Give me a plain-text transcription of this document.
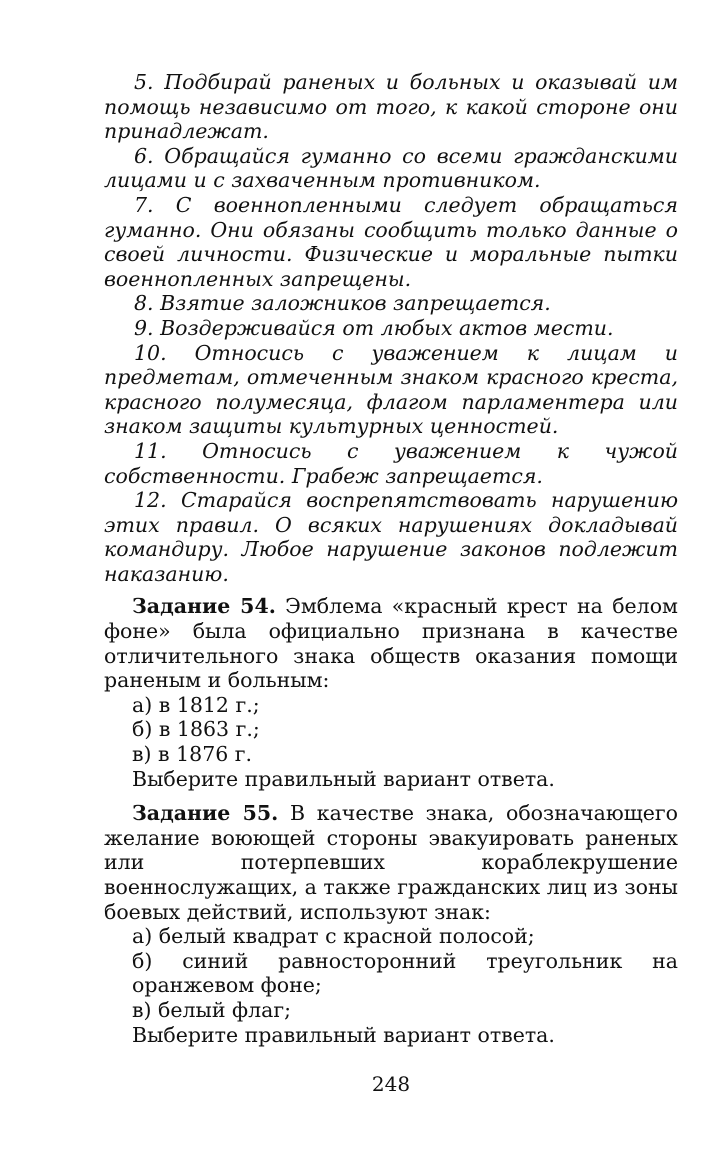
5. Подбирай раненых и больных и оказывай им помощь независимо от того, к какой стороне они принадлежат.

6. Обращайся гуманно со всеми гражданскими лицами и с захваченным противником.

7. С военнопленными следует обращаться гуманно. Они обязаны сообщить только данные о своей личности. Физические и моральные пытки военнопленных запрещены.

8. Взятие заложников запрещается.

9. Воздерживайся от любых актов мести.

10. Относись с уважением к лицам и предметам, отмеченным знаком красного креста, красного полумесяца, флагом парламентера или знаком защиты культурных ценностей.

11. Относись с уважением к чужой собственности. Грабеж запрещается.

12. Старайся воспрепятствовать нарушению этих правил. О всяких нарушениях докладывай командиру. Любое нарушение законов подлежит наказанию.

Задание 54. Эмблема «красный крест на белом фоне» была официально признана в качестве отличительного знака обществ оказания помощи раненым и больным:

а) в 1812 г.;

б) в 1863 г.;

в) в 1876 г.

Выберите правильный вариант ответа.

Задание 55. В качестве знака, обозначающего желание воюющей стороны эвакуировать раненых или потерпевших кораблекрушение военнослужащих, а также гражданских лиц из зоны боевых действий, используют знак:

а) белый квадрат с красной полосой;

б) синий равносторонний треугольник на оранжевом фоне;

в) белый флаг;

Выберите правильный вариант ответа.

248
